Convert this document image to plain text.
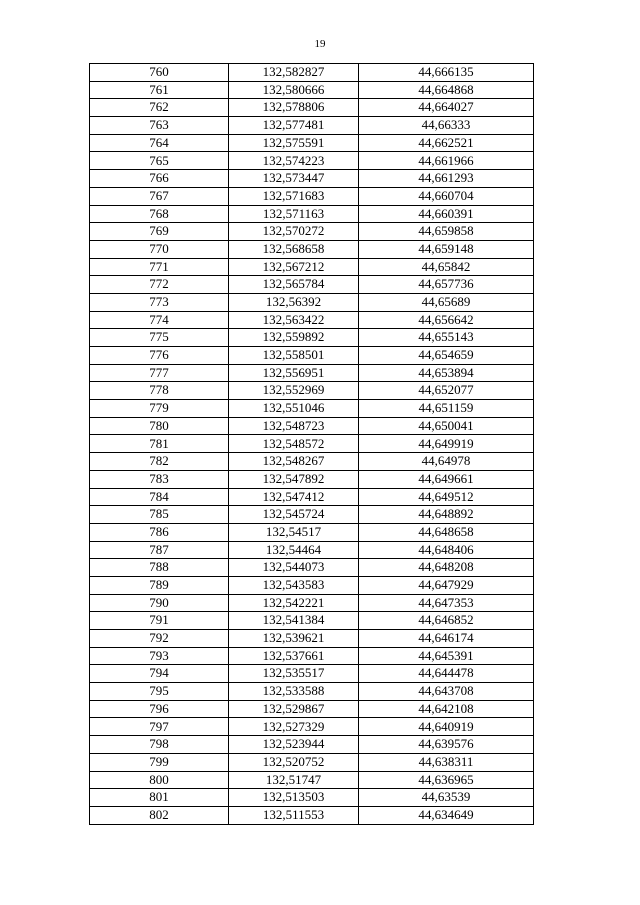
19
760	132,582827	44,666135
761	132,580666	44,664868
762	132,578806	44,664027
763	132,577481	44,66333
764	132,575591	44,662521
765	132,574223	44,661966
766	132,573447	44,661293
767	132,571683	44,660704
768	132,571163	44,660391
769	132,570272	44,659858
770	132,568658	44,659148
771	132,567212	44,65842
772	132,565784	44,657736
773	132,56392	44,65689
774	132,563422	44,656642
775	132,559892	44,655143
776	132,558501	44,654659
777	132,556951	44,653894
778	132,552969	44,652077
779	132,551046	44,651159
780	132,548723	44,650041
781	132,548572	44,649919
782	132,548267	44,64978
783	132,547892	44,649661
784	132,547412	44,649512
785	132,545724	44,648892
786	132,54517	44,648658
787	132,54464	44,648406
788	132,544073	44,648208
789	132,543583	44,647929
790	132,542221	44,647353
791	132,541384	44,646852
792	132,539621	44,646174
793	132,537661	44,645391
794	132,535517	44,644478
795	132,533588	44,643708
796	132,529867	44,642108
797	132,527329	44,640919
798	132,523944	44,639576
799	132,520752	44,638311
800	132,51747	44,636965
801	132,513503	44,63539
802	132,511553	44,634649
